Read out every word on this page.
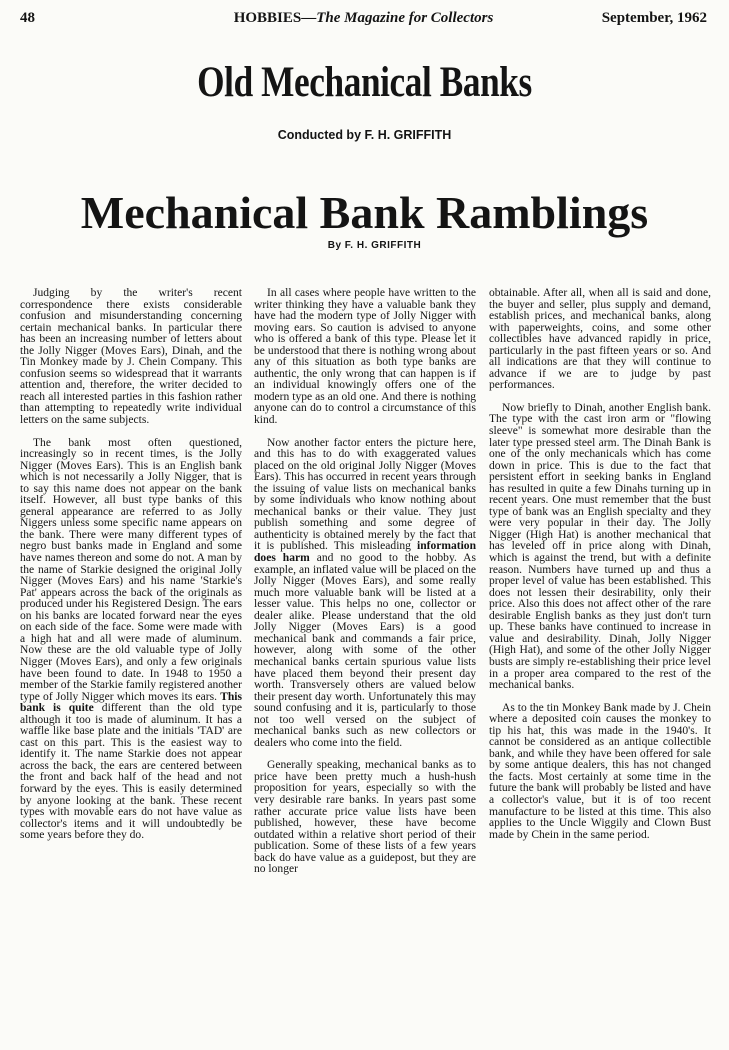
48	HOBBIES—The Magazine for Collectors	September, 1962
Old Mechanical Banks
Conducted by F. H. GRIFFITH
Mechanical Bank Ramblings
By F. H. GRIFFITH

Judging by the writer's recent correspondence there exists considerable confusion and misunderstanding concerning certain mechanical banks. In particular there has been an increasing number of letters about the Jolly Nigger (Moves Ears), Dinah, and the Tin Monkey made by J. Chein Company. This confusion seems so widespread that it warrants attention and, therefore, the writer decided to reach all interested parties in this fashion rather than attempting to repeatedly write individual letters on the same subjects.

The bank most often questioned, increasingly so in recent times, is the Jolly Nigger (Moves Ears). This is an English bank which is not necessarily a Jolly Nigger, that is to say this name does not appear on the bank itself. However, all bust type banks of this general appearance are referred to as Jolly Niggers unless some specific name appears on the bank. There were many different types of negro bust banks made in England and some have names thereon and some do not. A man by the name of Starkie designed the original Jolly Nigger (Moves Ears) and his name 'Starkie's Pat' appears across the back of the originals as produced under his Registered Design. The ears on his banks are located forward near the eyes on each side of the face. Some were made with a high hat and all were made of aluminum. Now these are the old valuable type of Jolly Nigger (Moves Ears), and only a few originals have been found to date. In 1948 to 1950 a member of the Starkie family registered another type of Jolly Nigger which moves its ears. This bank is quite different than the old type although it too is made of aluminum. It has a waffle like base plate and the initials 'TAD' are cast on this part. This is the easiest way to identify it. The name Starkie does not appear across the back, the ears are centered between the front and back half of the head and not forward by the eyes. This is easily determined by anyone looking at the bank. These recent types with movable ears do not have value as collector's items and it will undoubtedly be some years before they do.

In all cases where people have written to the writer thinking they have a valuable bank they have had the modern type of Jolly Nigger with moving ears. So caution is advised to anyone who is offered a bank of this type. Please let it be understood that there is nothing wrong about any of this situation as both type banks are authentic, the only wrong that can happen is if an individual knowingly offers one of the modern type as an old one. And there is nothing anyone can do to control a circumstance of this kind.

Now another factor enters the picture here, and this has to do with exaggerated values placed on the old original Jolly Nigger (Moves Ears). This has occurred in recent years through the issuing of value lists on mechanical banks by some individuals who know nothing about mechanical banks or their value. They just publish something and some degree of authenticity is obtained merely by the fact that it is published. This misleading information does harm and no good to the hobby. As example, an inflated value will be placed on the Jolly Nigger (Moves Ears), and some really much more valuable bank will be listed at a lesser value. This helps no one, collector or dealer alike. Please understand that the old Jolly Nigger (Moves Ears) is a good mechanical bank and commands a fair price, however, along with some of the other mechanical banks certain spurious value lists have placed them beyond their present day worth. Transversely others are valued below their present day worth. Unfortunately this may sound confusing and it is, particularly to those not too well versed on the subject of mechanical banks such as new collectors or dealers who come into the field.

Generally speaking, mechanical banks as to price have been pretty much a hush-hush proposition for years, especially so with the very desirable rare banks. In years past some rather accurate price value lists have been published, however, these have become outdated within a relative short period of their publication. Some of these lists of a few years back do have value as a guidepost, but they are no longer

obtainable. After all, when all is said and done, the buyer and seller, plus supply and demand, establish prices, and mechanical banks, along with paperweights, coins, and some other collectibles have advanced rapidly in price, particularly in the past fifteen years or so. And all indications are that they will continue to advance if we are to judge by past performances.

Now briefly to Dinah, another English bank. The type with the cast iron arm or "flowing sleeve" is somewhat more desirable than the later type pressed steel arm. The Dinah Bank is one of the only mechanicals which has come down in price. This is due to the fact that persistent effort in seeking banks in England has resulted in quite a few Dinahs turning up in recent years. One must remember that the bust type of bank was an English specialty and they were very popular in their day. The Jolly Nigger (High Hat) is another mechanical that has leveled off in price along with Dinah, which is against the trend, but with a definite reason. Numbers have turned up and thus a proper level of value has been established. This does not lessen their desirability, only their price. Also this does not affect other of the rare desirable English banks as they just don't turn up. These banks have continued to increase in value and desirability. Dinah, Jolly Nigger (High Hat), and some of the other Jolly Nigger busts are simply re-establishing their price level in a proper area compared to the rest of the mechanical banks.

As to the tin Monkey Bank made by J. Chein where a deposited coin causes the monkey to tip his hat, this was made in the 1940's. It cannot be considered as an antique collectible bank, and while they have been offered for sale by some antique dealers, this has not changed the facts. Most certainly at some time in the future the bank will probably be listed and have a collector's value, but it is of too recent manufacture to be listed at this time. This also applies to the Uncle Wiggily and Clown Bust made by Chein in the same period.
